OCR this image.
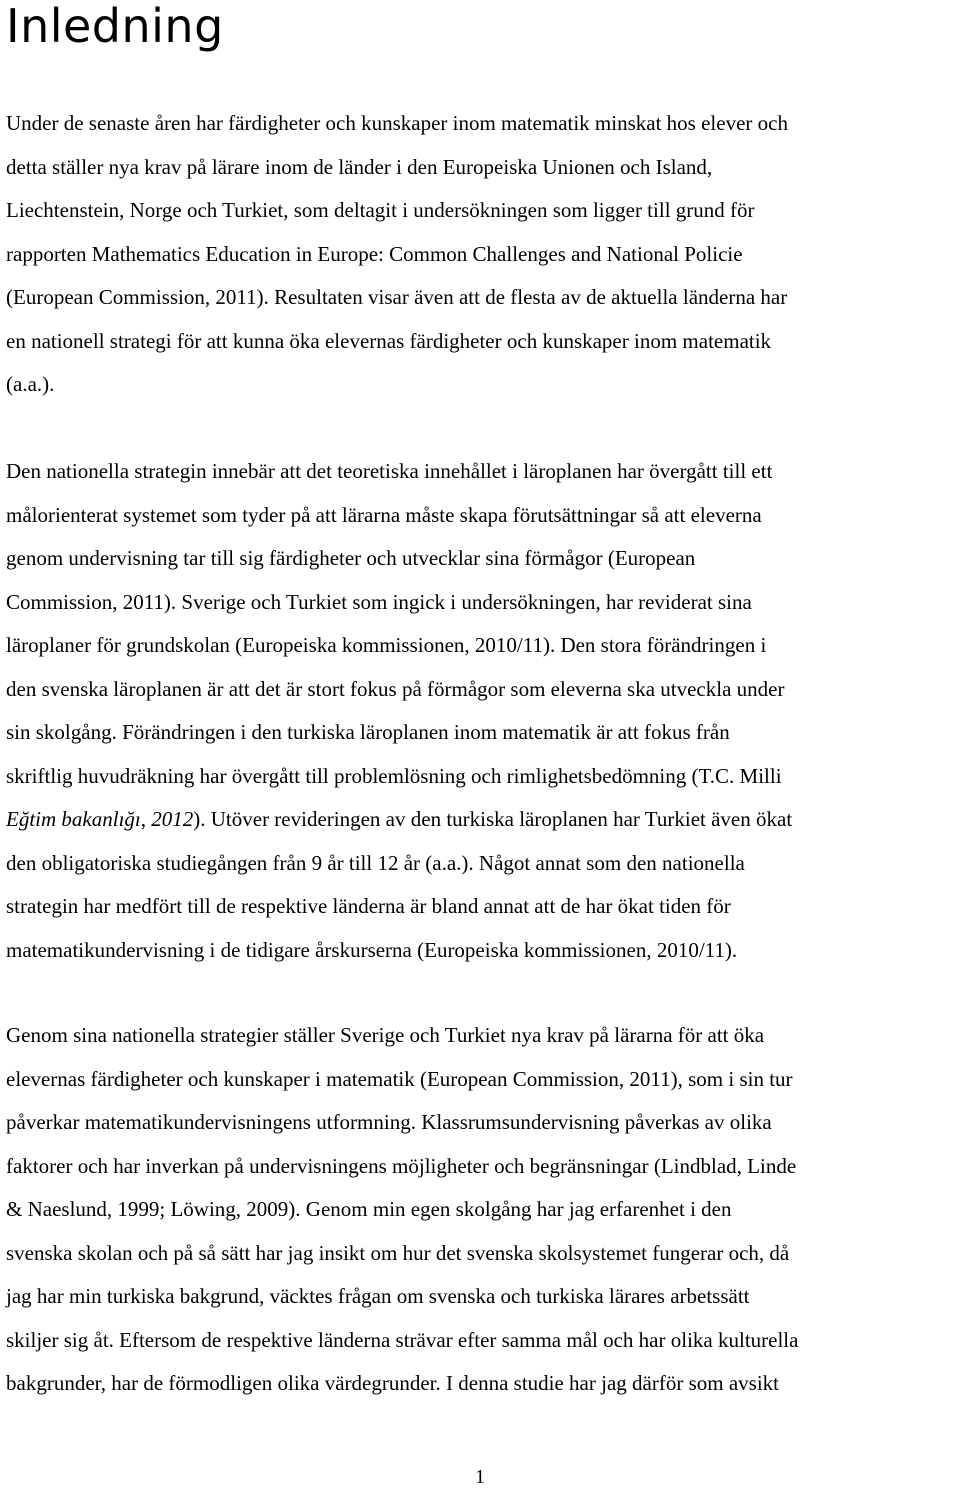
Inledning

Under de senaste åren har färdigheter och kunskaper inom matematik minskat hos elever och
detta ställer nya krav på lärare inom de länder i den Europeiska Unionen och Island,
Liechtenstein, Norge och Turkiet, som deltagit i undersökningen som ligger till grund för
rapporten Mathematics Education in Europe: Common Challenges and National Policie
(European Commission, 2011). Resultaten visar även att de flesta av de aktuella länderna har
en nationell strategi för att kunna öka elevernas färdigheter och kunskaper inom matematik
(a.a.).

Den nationella strategin innebär att det teoretiska innehållet i läroplanen har övergått till ett
målorienterat systemet som tyder på att lärarna måste skapa förutsättningar så att eleverna
genom undervisning tar till sig färdigheter och utvecklar sina förmågor (European
Commission, 2011). Sverige och Turkiet som ingick i undersökningen, har reviderat sina
läroplaner för grundskolan (Europeiska kommissionen, 2010/11). Den stora förändringen i
den svenska läroplanen är att det är stort fokus på förmågor som eleverna ska utveckla under
sin skolgång. Förändringen i den turkiska läroplanen inom matematik är att fokus från
skriftlig huvudräkning har övergått till problemlösning och rimlighetsbedömning (T.C. Milli
Eğtim bakanlığı, 2012). Utöver revideringen av den turkiska läroplanen har Turkiet även ökat
den obligatoriska studiegången från 9 år till 12 år (a.a.). Något annat som den nationella
strategin har medfört till de respektive länderna är bland annat att de har ökat tiden för
matematikundervisning i de tidigare årskurserna (Europeiska kommissionen, 2010/11).

Genom sina nationella strategier ställer Sverige och Turkiet nya krav på lärarna för att öka
elevernas färdigheter och kunskaper i matematik (European Commission, 2011), som i sin tur
påverkar matematikundervisningens utformning. Klassrumsundervisning påverkas av olika
faktorer och har inverkan på undervisningens möjligheter och begränsningar (Lindblad, Linde
& Naeslund, 1999; Löwing, 2009). Genom min egen skolgång har jag erfarenhet i den
svenska skolan och på så sätt har jag insikt om hur det svenska skolsystemet fungerar och, då
jag har min turkiska bakgrund, väcktes frågan om svenska och turkiska lärares arbetssätt
skiljer sig åt. Eftersom de respektive länderna strävar efter samma mål och har olika kulturella
bakgrunder, har de förmodligen olika värdegrunder. I denna studie har jag därför som avsikt

1
